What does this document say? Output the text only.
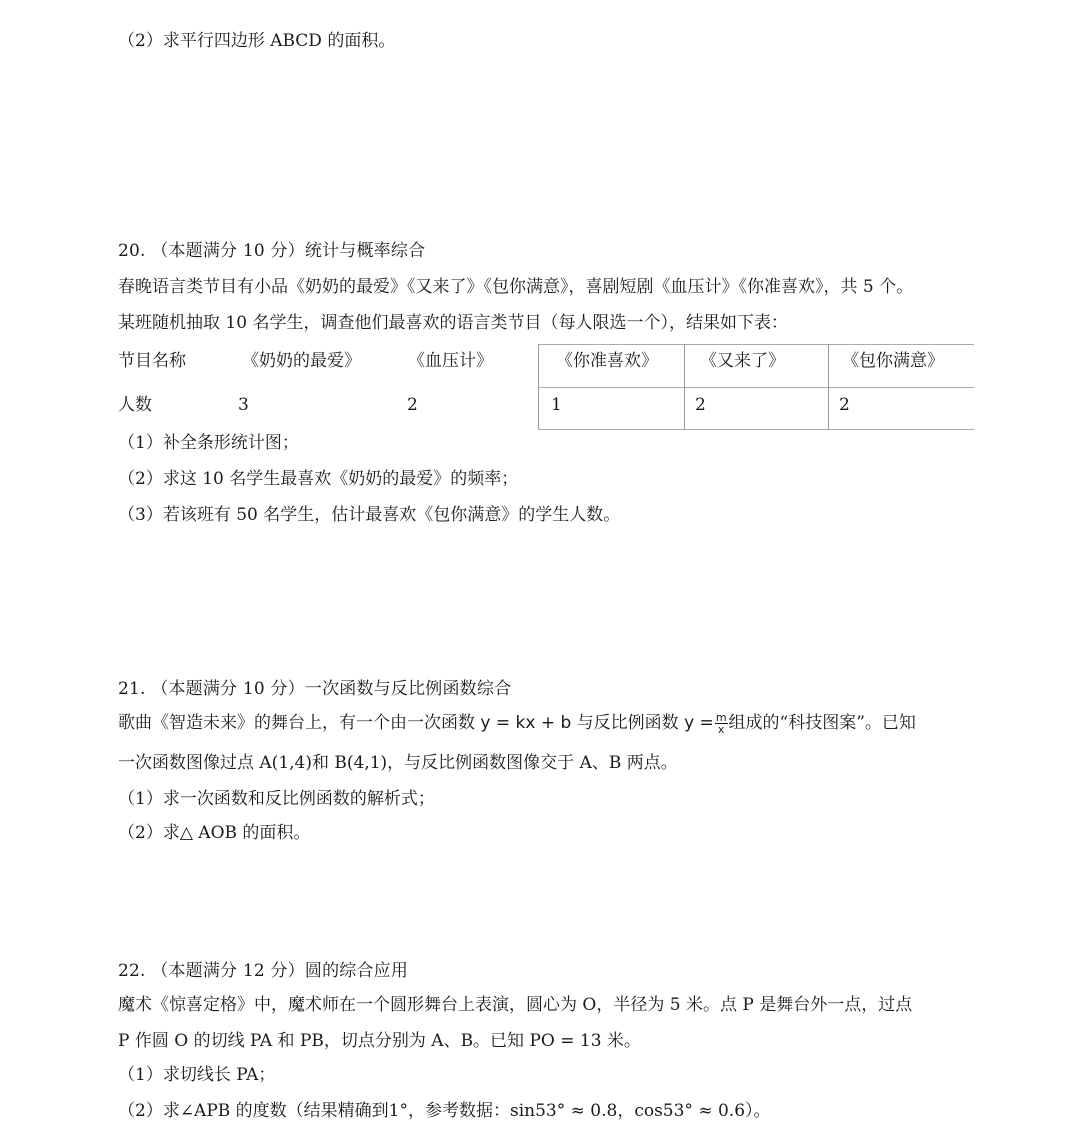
（2）求平行四边形 ABCD 的面积。
20. （本题满分 10 分）统计与概率综合
春晚语言类节目有小品《奶奶的最爱》《又来了》《包你满意》，喜剧短剧《血压计》《你准喜欢》，共 5 个。
某班随机抽取 10 名学生，调查他们最喜欢的语言类节目（每人限选一个），结果如下表：
节目名称	《奶奶的最爱》	《血压计》	《你准喜欢》 《又来了》	《包你满意》
人数	3	2	1	2	2
（1）补全条形统计图；
（2）求这 10 名学生最喜欢《奶奶的最爱》的频率；
（3）若该班有 50 名学生，估计最喜欢《包你满意》的学生人数。
21. （本题满分 10 分）一次函数与反比例函数综合
歌曲《智造未来》的舞台上，有一个由一次函数 y = kx + b 与反比例函数 $y = \frac{m}{x}$ 组成的“科技图案”。已知
一次函数图像过点 A(1,4)和 B(4,1)，与反比例函数图像交于 A、B 两点。
（1）求一次函数和反比例函数的解析式；
（2）求△ AOB 的面积。
22. （本题满分 12 分）圆的综合应用
魔术《惊喜定格》中，魔术师在一个圆形舞台上表演，圆心为 O，半径为 5 米。点 P 是舞台外一点，过点
P 作圆 O 的切线 PA 和 PB，切点分别为 A、B。已知 PO = 13 米。
（1）求切线长 PA；
（2）求∠APB 的度数（结果精确到1°，参考数据：sin53° ≈ 0.8，cos53° ≈ 0.6）。
